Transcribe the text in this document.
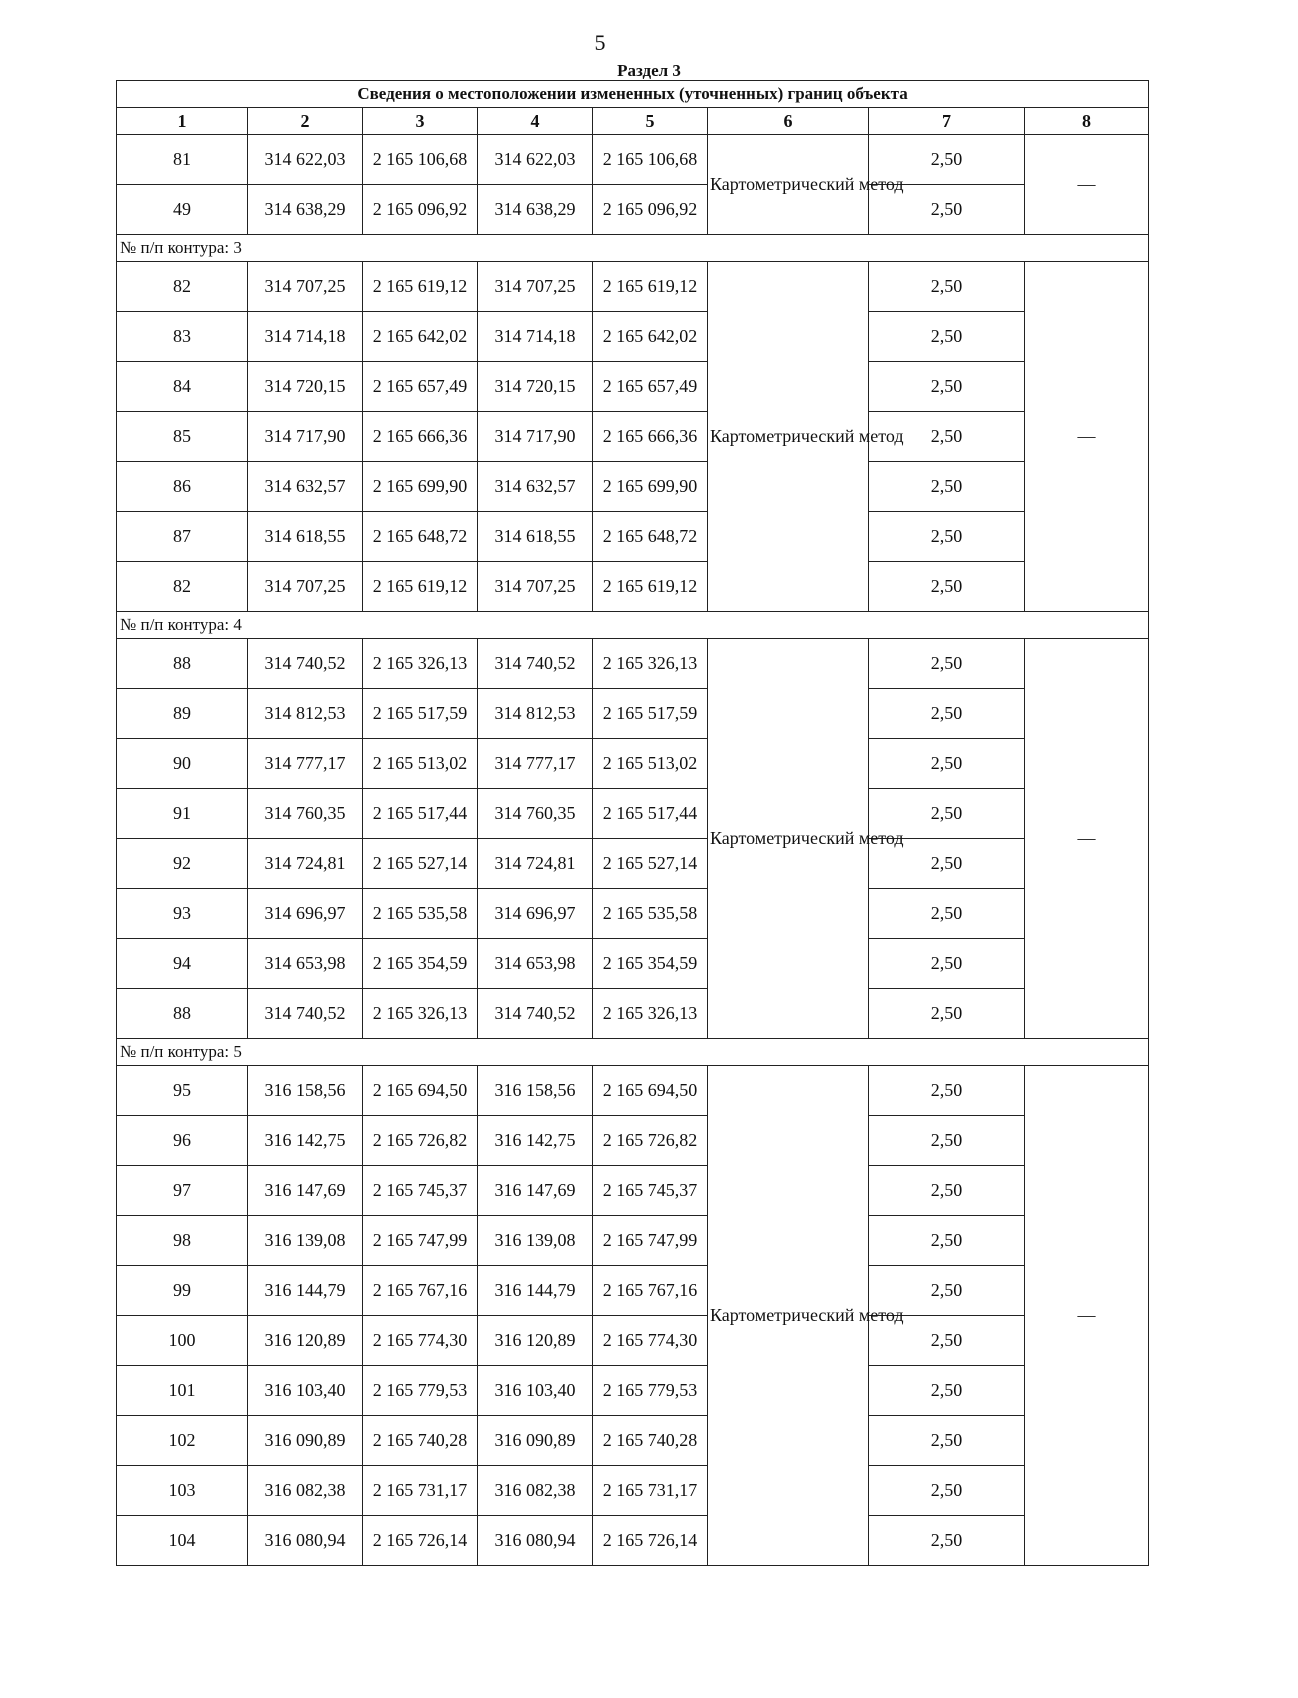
5
Раздел 3
Сведения о местоположении измененных (уточненных) границ объекта							
1	2	3	4	5	6	7	8
81	314 622,03	2 165 106,68	314 622,03	2 165 106,68	Картометрический метод	2,50	—
49	314 638,29	2 165 096,92	314 638,29	2 165 096,92		2,50	
№ п/п контура: 3							
82	314 707,25	2 165 619,12	314 707,25	2 165 619,12	Картометрический метод	2,50	—
83	314 714,18	2 165 642,02	314 714,18	2 165 642,02		2,50	
84	314 720,15	2 165 657,49	314 720,15	2 165 657,49		2,50	
85	314 717,90	2 165 666,36	314 717,90	2 165 666,36		2,50	
86	314 632,57	2 165 699,90	314 632,57	2 165 699,90		2,50	
87	314 618,55	2 165 648,72	314 618,55	2 165 648,72		2,50	
82	314 707,25	2 165 619,12	314 707,25	2 165 619,12		2,50	
№ п/п контура: 4							
88	314 740,52	2 165 326,13	314 740,52	2 165 326,13	Картометрический метод	2,50	—
89	314 812,53	2 165 517,59	314 812,53	2 165 517,59		2,50	
90	314 777,17	2 165 513,02	314 777,17	2 165 513,02		2,50	
91	314 760,35	2 165 517,44	314 760,35	2 165 517,44		2,50	
92	314 724,81	2 165 527,14	314 724,81	2 165 527,14		2,50	
93	314 696,97	2 165 535,58	314 696,97	2 165 535,58		2,50	
94	314 653,98	2 165 354,59	314 653,98	2 165 354,59		2,50	
88	314 740,52	2 165 326,13	314 740,52	2 165 326,13		2,50	
№ п/п контура: 5							
95	316 158,56	2 165 694,50	316 158,56	2 165 694,50	Картометрический метод	2,50	—
96	316 142,75	2 165 726,82	316 142,75	2 165 726,82		2,50	
97	316 147,69	2 165 745,37	316 147,69	2 165 745,37		2,50	
98	316 139,08	2 165 747,99	316 139,08	2 165 747,99		2,50	
99	316 144,79	2 165 767,16	316 144,79	2 165 767,16		2,50	
100	316 120,89	2 165 774,30	316 120,89	2 165 774,30		2,50	
101	316 103,40	2 165 779,53	316 103,40	2 165 779,53		2,50	
102	316 090,89	2 165 740,28	316 090,89	2 165 740,28		2,50	
103	316 082,38	2 165 731,17	316 082,38	2 165 731,17		2,50	
104	316 080,94	2 165 726,14	316 080,94	2 165 726,14		2,50	
